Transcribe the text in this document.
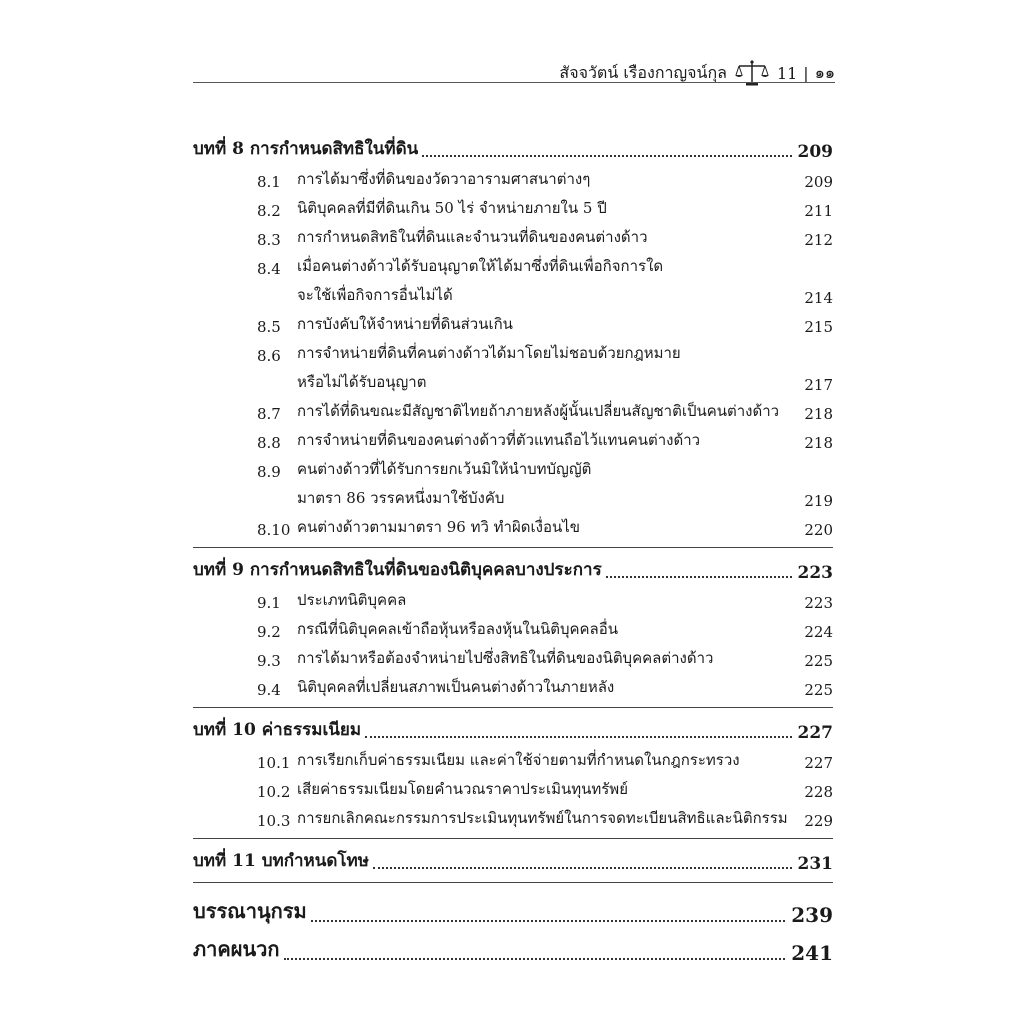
สัจจวัตน์ เรืองกาญจน์กุล	11 | ๑๑
บทที่ 8 การกำหนดสิทธิในที่ดิน	209
8.1	การได้มาซึ่งที่ดินของวัดวาอารามศาสนาต่างๆ	209
8.2	นิติบุคคลที่มีที่ดินเกิน 50 ไร่ จำหน่ายภายใน 5 ปี	211
8.3	การกำหนดสิทธิในที่ดินและจำนวนที่ดินของคนต่างด้าว	212
8.4	เมื่อคนต่างด้าวได้รับอนุญาตให้ได้มาซึ่งที่ดินเพื่อกิจการใด
จะใช้เพื่อกิจการอื่นไม่ได้	214
8.5	การบังคับให้จำหน่ายที่ดินส่วนเกิน	215
8.6	การจำหน่ายที่ดินที่คนต่างด้าวได้มาโดยไม่ชอบด้วยกฎหมาย
หรือไม่ได้รับอนุญาต	217
8.7	การได้ที่ดินขณะมีสัญชาติไทยถ้าภายหลังผู้นั้นเปลี่ยนสัญชาติเป็นคนต่างด้าว 218
8.8	การจำหน่ายที่ดินของคนต่างด้าวที่ตัวแทนถือไว้แทนคนต่างด้าว	218
8.9	คนต่างด้าวที่ได้รับการยกเว้นมิให้นำบทบัญญัติ
มาตรา 86 วรรคหนึ่งมาใช้บังคับ	219
8.10 คนต่างด้าวตามมาตรา 96 ทวิ ทำผิดเงื่อนไข	220
บทที่ 9 การกำหนดสิทธิในที่ดินของนิติบุคคลบางประการ	223
9.1	ประเภทนิติบุคคล	223
9.2	กรณีที่นิติบุคคลเข้าถือหุ้นหรือลงหุ้นในนิติบุคคลอื่น	224
9.3	การได้มาหรือต้องจำหน่ายไปซึ่งสิทธิในที่ดินของนิติบุคคลต่างด้าว	225
9.4	นิติบุคคลที่เปลี่ยนสภาพเป็นคนต่างด้าวในภายหลัง	225
บทที่ 10 ค่าธรรมเนียม	227
10.1 การเรียกเก็บค่าธรรมเนียม และค่าใช้จ่ายตามที่กำหนดในกฎกระทรวง	227
10.2 เสียค่าธรรมเนียมโดยคำนวณราคาประเมินทุนทรัพย์	228
10.3 การยกเลิกคณะกรรมการประเมินทุนทรัพย์ในการจดทะเบียนสิทธิและนิติกรรม 229
บทที่ 11 บทกำหนดโทษ	231
บรรณานุกรม	239
ภาคผนวก	241
